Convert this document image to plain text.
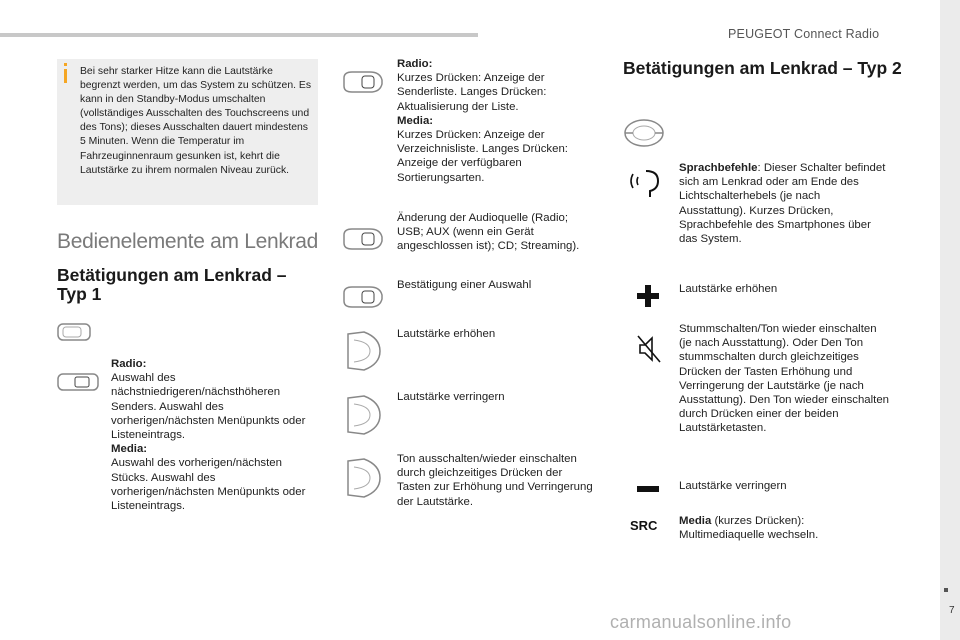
PEUGEOT Connect Radio
7
Bei sehr starker Hitze kann die Lautstärke begrenzt werden, um das System zu schützen. Es kann in den Standby-Modus umschalten (vollständiges Ausschalten des Touchscreens und des Tons); dieses Ausschalten dauert mindestens 5 Minuten. Wenn die Temperatur im Fahrzeuginnenraum gesunken ist, kehrt die Lautstärke zu ihrem normalen Niveau zurück.
Bedienelemente am Lenkrad
Betätigungen am Lenkrad – Typ 1
Radio:
Auswahl des nächstniedrigeren/nächsthöheren Senders. Auswahl des vorherigen/nächsten Menüpunkts oder Listeneintrags.
Media:
Auswahl des vorherigen/nächsten Stücks. Auswahl des vorherigen/nächsten Menüpunkts oder Listeneintrags.
Radio:
Kurzes Drücken: Anzeige der Senderliste. Langes Drücken: Aktualisierung der Liste.
Media:
Kurzes Drücken: Anzeige der Verzeichnisliste. Langes Drücken: Anzeige der verfügbaren Sortierungsarten.
Änderung der Audioquelle (Radio; USB; AUX (wenn ein Gerät angeschlossen ist); CD; Streaming).
Bestätigung einer Auswahl
Lautstärke erhöhen
Lautstärke verringern
Ton ausschalten/wieder einschalten durch gleichzeitiges Drücken der Tasten zur Erhöhung und Verringerung der Lautstärke.
Betätigungen am Lenkrad – Typ 2
Sprachbefehle: Dieser Schalter befindet sich am Lenkrad oder am Ende des Lichtschalterhebels (je nach Ausstattung). Kurzes Drücken, Sprachbefehle des Smartphones über das System.
Lautstärke erhöhen
Stummschalten/Ton wieder einschalten (je nach Ausstattung). Oder Den Ton stummschalten durch gleichzeitiges Drücken der Tasten Erhöhung und Verringerung der Lautstärke (je nach Ausstattung). Den Ton wieder einschalten durch Drücken einer der beiden Lautstärketasten.
Lautstärke verringern
SRC Media (kurzes Drücken): Multimediaquelle wechseln.
carmanualsonline.info
